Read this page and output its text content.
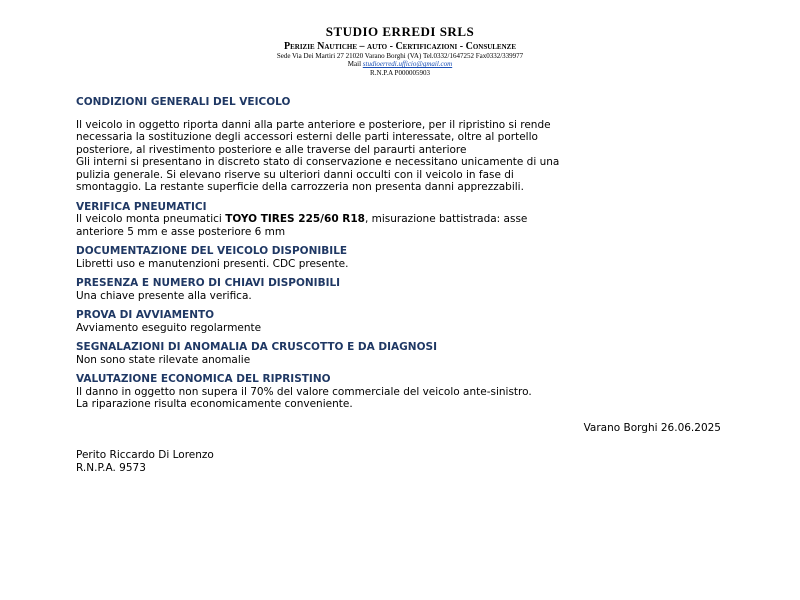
STUDIO ERREDI SRLS
Perizie Nautiche – auto - Certificazioni - Consulenze
Sede Via Dei Martiri 27 21020 Varano Borghi (VA) Tel.0332/1647252 Fax0332/339977
Mail studioerredi.ufficio@gmail.com
R.N.P.A P000005903
CONDIZIONI GENERALI DEL VEICOLO

Il veicolo in oggetto riporta danni alla parte anteriore e posteriore, per il ripristino si rende

necessaria la sostituzione degli accessori esterni delle parti interessate, oltre al portello

posteriore, al rivestimento posteriore e alle traverse del paraurti anteriore

Gli interni si presentano in discreto stato di conservazione e necessitano unicamente di una

pulizia generale. Si elevano riserve su ulteriori danni occulti con il veicolo in fase di

smontaggio. La restante superficie della carrozzeria non presenta danni apprezzabili.

VERIFICA PNEUMATICI

Il veicolo monta pneumatici TOYO TIRES 225/60 R18, misurazione battistrada: asse

anteriore 5 mm e asse posteriore 6 mm

DOCUMENTAZIONE DEL VEICOLO DISPONIBILE

Libretti uso e manutenzioni presenti. CDC presente.

PRESENZA E NUMERO DI CHIAVI DISPONIBILI

Una chiave presente alla verifica.

PROVA DI AVVIAMENTO

Avviamento eseguito regolarmente

SEGNALAZIONI DI ANOMALIA DA CRUSCOTTO E DA DIAGNOSI

Non sono state rilevate anomalie

VALUTAZIONE ECONOMICA DEL RIPRISTINO

Il danno in oggetto non supera il 70% del valore commerciale del veicolo ante-sinistro.

La riparazione risulta economicamente conveniente.

Varano Borghi 26.06.2025
Perito Riccardo Di Lorenzo
R.N.P.A. 9573
